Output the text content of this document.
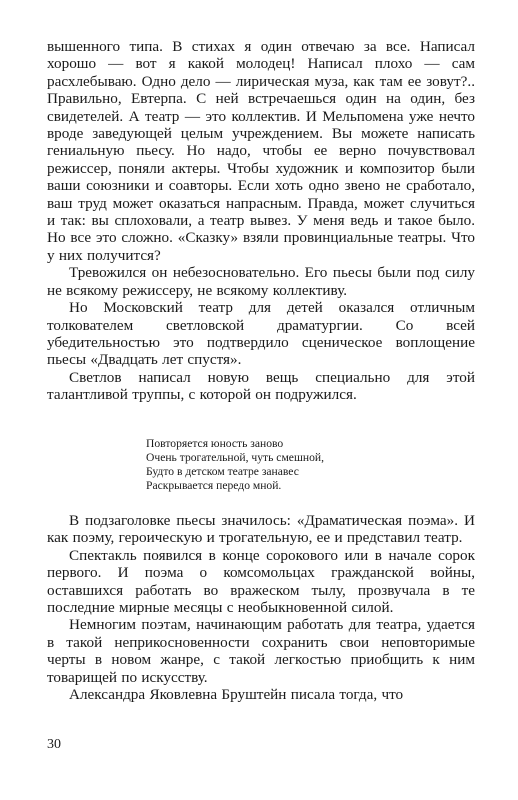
вышенного типа. В стихах я один отвечаю за все. Написал хорошо — вот я какой молодец! Написал плохо — сам расхлебываю. Одно дело — лирическая муза, как там ее зовут?.. Правильно, Евтерпа. С ней встречаешься один на один, без свидетелей. А театр — это коллектив. И Мельпомена уже нечто вроде заведующей целым учреждением. Вы можете написать гениальную пьесу. Но надо, чтобы ее верно почувствовал режиссер, поняли актеры. Чтобы художник и композитор были ваши союзники и соавторы. Если хоть одно звено не сработало, ваш труд может оказаться напрасным. Правда, может случиться и так: вы сплоховали, а театр вывез. У меня ведь и такое было. Но все это сложно. «Сказку» взяли провинциальные театры. Что у них получится?

Тревожился он небезосновательно. Его пьесы были под силу не всякому режиссеру, не всякому коллективу.

Но Московский театр для детей оказался отличным толкователем светловской драматургии. Со всей убедительностью это подтвердило сценическое воплощение пьесы «Двадцать лет спустя».

Светлов написал новую вещь специально для этой талантливой труппы, с которой он подружился.

Повторяется юность заново
Очень трогательной, чуть смешной,
Будто в детском театре занавес
Раскрывается передо мной.

В подзаголовке пьесы значилось: «Драматическая поэма». И как поэму, героическую и трогательную, ее и представил театр.

Спектакль появился в конце сорокового или в начале сорок первого. И поэма о комсомольцах гражданской войны, оставшихся работать во вражеском тылу, прозвучала в те последние мирные месяцы с необыкновенной силой.

Немногим поэтам, начинающим работать для театра, удается в такой неприкосновенности сохранить свои неповторимые черты в новом жанре, с такой легкостью приобщить к ним товарищей по искусству.

Александра Яковлевна Бруштейн писала тогда, что

30
